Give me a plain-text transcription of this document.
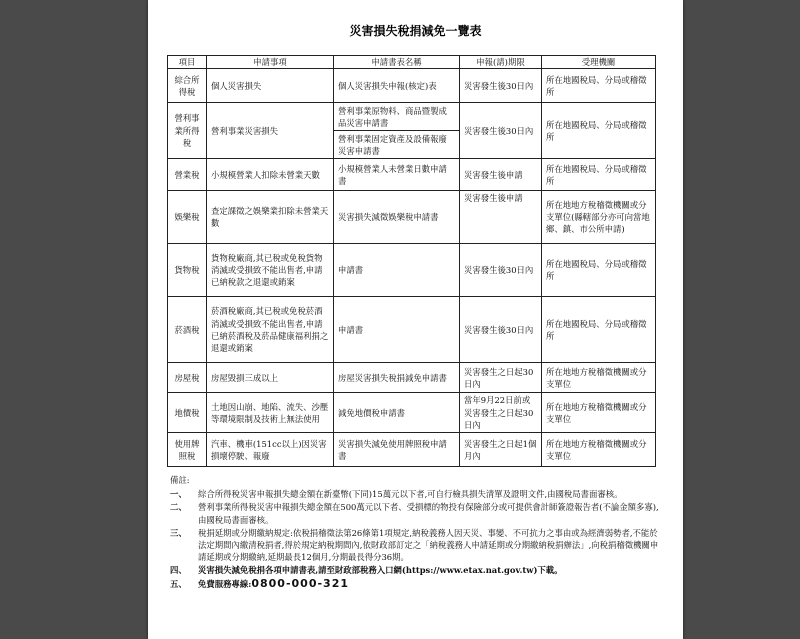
災害損失稅捐減免一覽表
項目	申請事項	申請書表名稱	申報(請)期限	受理機關
綜合所得稅	個人災害損失	個人災害損失申報(核定)表	災害發生後30日內	所在地國稅局、分局或稽徵所
營利事業所得稅	營利事業災害損失	營利事業原物料、商品暨製成品災害申請書	災害發生後30日內	所在地國稅局、分局或稽徵所
		營利事業固定資產及設備報廢災害申請書		
營業稅	小規模營業人扣除未營業天數	小規模營業人未營業日數申請書	災害發生後申請	所在地國稅局、分局或稽徵所
娛樂稅	查定課徵之娛樂業扣除未營業天數	災害損失減徵娛樂稅申請書	災害發生後申請	所在地地方稅稽徵機關或分支單位(縣轄部分亦可向當地鄉、鎮、市公所申請)
貨物稅	貨物稅廠商,其已稅或免稅貨物消滅或受損致不能出售者,申請已納稅款之退還或銷案	申請書	災害發生後30日內	所在地國稅局、分局或稽徵所
菸酒稅	菸酒稅廠商,其已稅或免稅菸酒消滅或受損致不能出售者,申請已納菸酒稅及菸品健康福利捐之退還或銷案	申請書	災害發生後30日內	所在地國稅局、分局或稽徵所
房屋稅	房屋毀損三成以上	房屋災害損失稅捐減免申請書	災害發生之日起30日內	所在地地方稅稽徵機關或分支單位
地價稅	土地因山崩、地陷、流失、沙壓等環境限制及技術上無法使用	減免地價稅申請書	當年9月22日前或災害發生之日起30日內	所在地地方稅稽徵機關或分支單位
使用牌照稅	汽車、機車(151cc以上)因災害損壞停駛、報廢	災害損失減免使用牌照稅申請書	災害發生之日起1個月內	所在地地方稅稽徵機關或分支單位
備註:
一、	綜合所得稅災害申報損失總金額在新臺幣(下同)15萬元以下者,可自行檢具損失清單及證明文件,由國稅局書面審核。
二、	營利事業所得稅災害申報損失總金額在500萬元以下者、受損標的物投有保險部分或可提供會計師簽證報告者(不論金額多寡),由國稅局書面審核。
三、	稅捐延期或分期繳納規定:依稅捐稽徵法第26條第1項規定,納稅義務人因天災、事變、不可抗力之事由或為經濟弱勢者,不能於法定期間內繳清稅捐者,得於規定納稅期間內,依財政部訂定之「納稅義務人申請延期或分期繳納稅捐辦法」,向稅捐稽徵機關申請延期或分期繳納,延期最長12個月,分期最長得分36期。
四、	災害損失減免稅捐各項申請書表,請至財政部稅務入口網(https://www.etax.nat.gov.tw)下載。
五、	免費服務專線:0800-000-321
